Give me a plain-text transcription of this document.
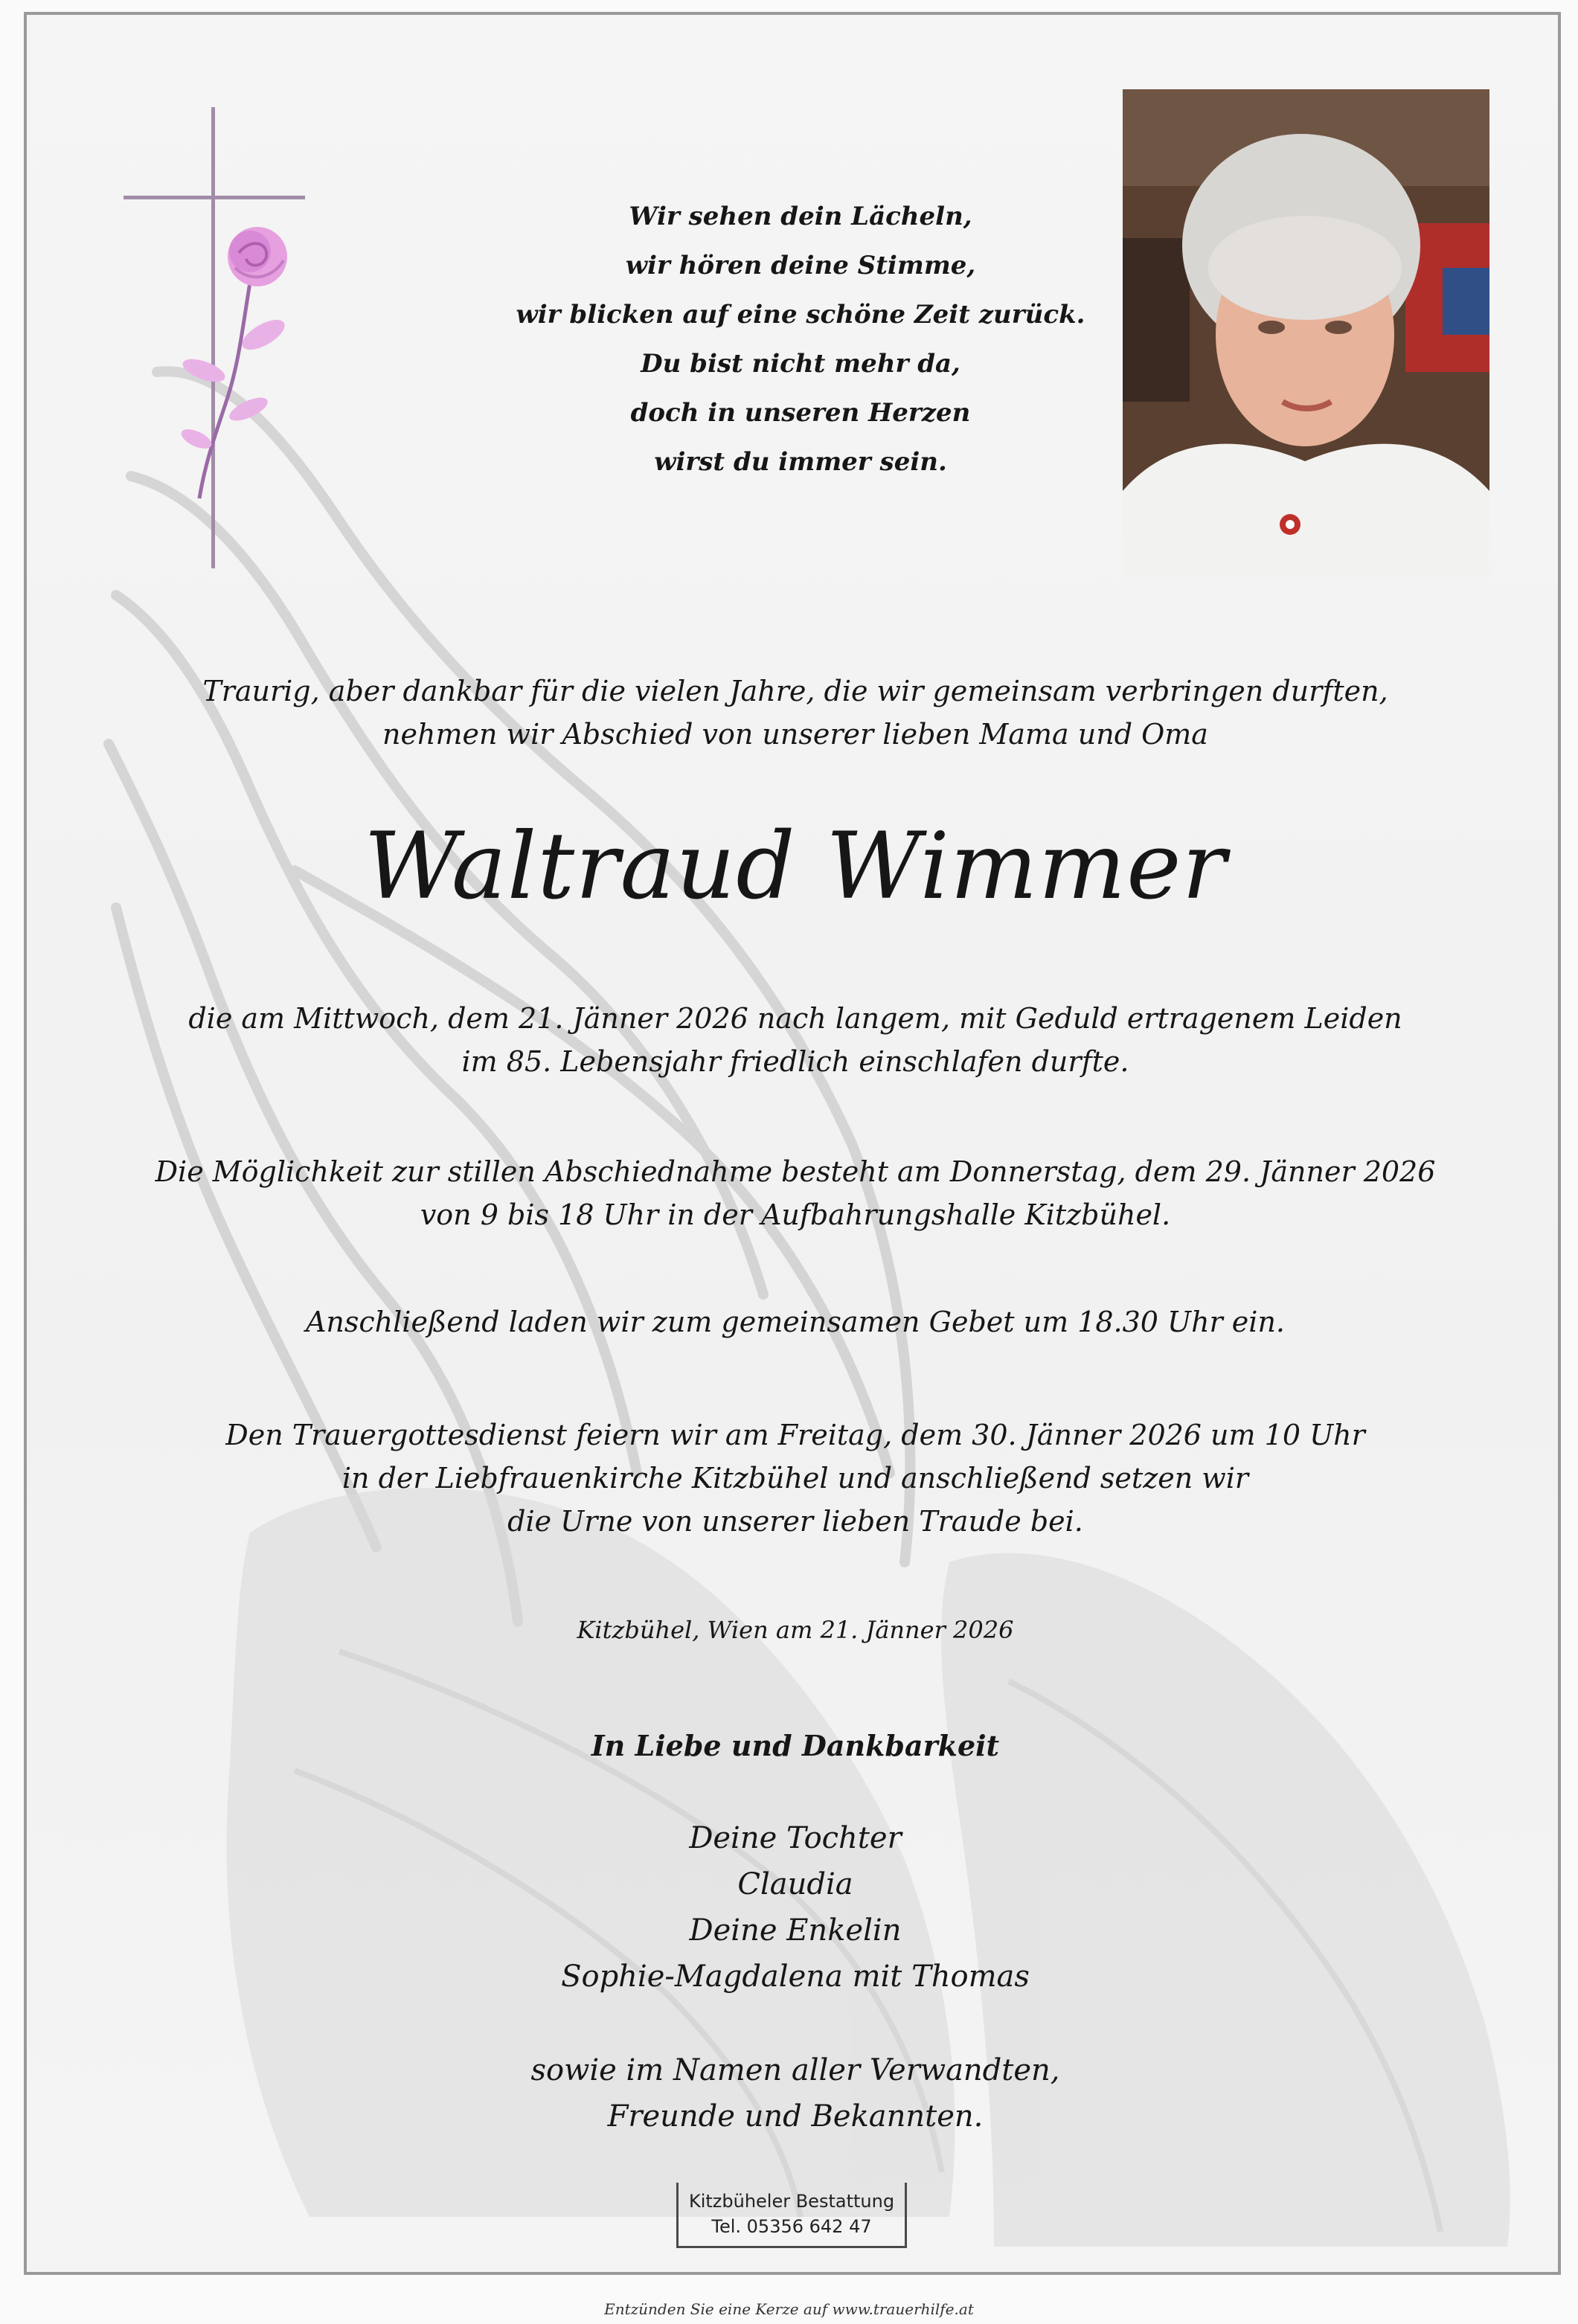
Wir sehen dein Lächeln,
wir hören deine Stimme,
wir blicken auf eine schöne Zeit zurück.
Du bist nicht mehr da,
doch in unseren Herzen
wirst du immer sein.
Traurig, aber dankbar für die vielen Jahre, die wir gemeinsam verbringen durften,
nehmen wir Abschied von unserer lieben Mama und Oma
Waltraud Wimmer
die am Mittwoch, dem 21. Jänner 2026 nach langem, mit Geduld ertragenem Leiden
im 85. Lebensjahr friedlich einschlafen durfte.
Die Möglichkeit zur stillen Abschiednahme besteht am Donnerstag, dem 29. Jänner 2026
von 9 bis 18 Uhr in der Aufbahrungshalle Kitzbühel.
Anschließend laden wir zum gemeinsamen Gebet um 18.30 Uhr ein.
Den Trauergottesdienst feiern wir am Freitag, dem 30. Jänner 2026 um 10 Uhr
in der Liebfrauenkirche Kitzbühel und anschließend setzen wir
die Urne von unserer lieben Traude bei.
Kitzbühel, Wien am 21. Jänner 2026
In Liebe und Dankbarkeit
Deine Tochter
Claudia
Deine Enkelin
Sophie-Magdalena mit Thomas
sowie im Namen aller Verwandten,
Freunde und Bekannten.
Kitzbüheler Bestattung
Tel. 05356 642 47
Entzünden Sie eine Kerze auf www.trauerhilfe.at
